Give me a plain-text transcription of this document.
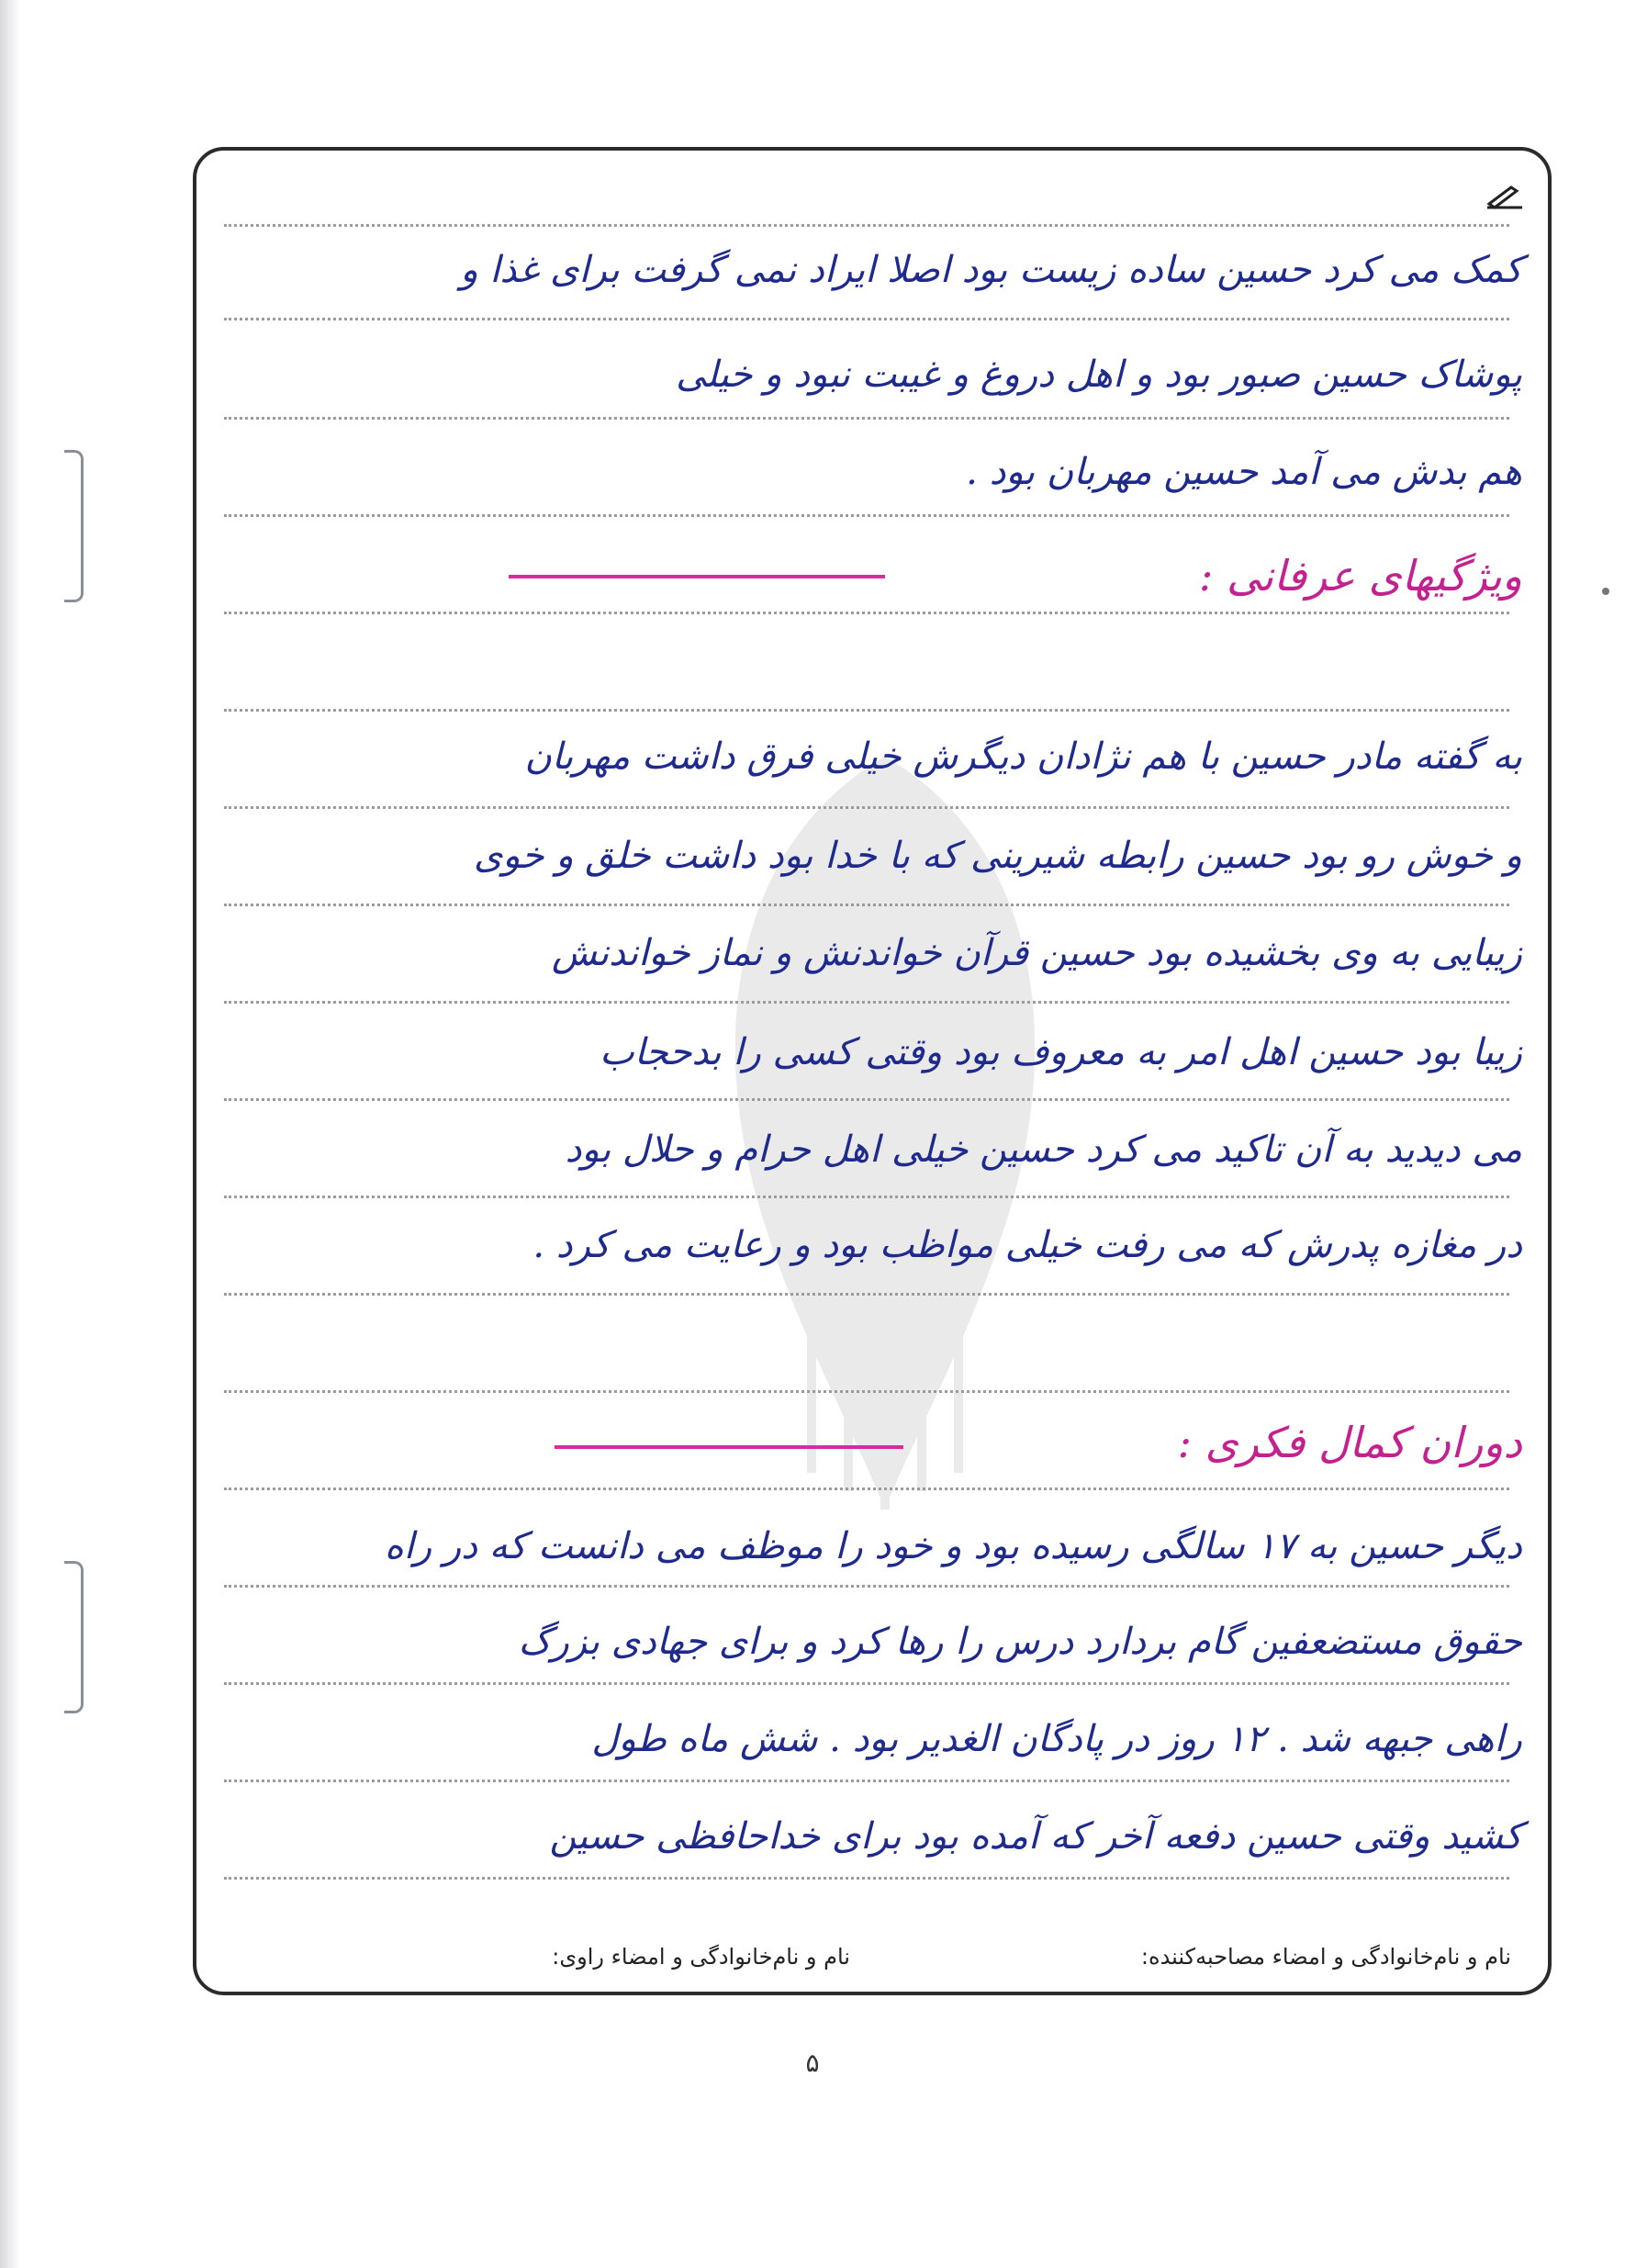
کمک می کرد حسین ساده زیست بود اصلا ایراد نمی گرفت برای غذا و
پوشاک حسین صبور بود و اهل دروغ و غیبت نبود و خیلی
هم بدش می آمد حسین مهربان بود .
ویژگیهای عرفانی :
به گفته مادر حسین با هم نژادان دیگرش خیلی فرق داشت مهربان
و خوش رو بود حسین رابطه شیرینی که با خدا بود داشت خلق و خوی
زیبایی به وی بخشیده بود حسین قرآن خواندنش و نماز خواندنش
زیبا بود حسین اهل امر به معروف بود وقتی کسی را بدحجاب
می دیدید به آن تاکید می کرد حسین خیلی اهل حرام و حلال بود
در مغازه پدرش که می رفت خیلی مواظب بود و رعایت می کرد .
دوران کمال فکری :
دیگر حسین به ۱۷ سالگی رسیده بود و خود را موظف می دانست که در راه
حقوق مستضعفین گام بردارد درس را رها کرد و برای جهادی بزرگ
راهی جبهه شد . ۱۲ روز در پادگان الغدیر بود . شش ماه طول
کشید وقتی حسین دفعه آخر که آمده بود برای خداحافظی حسین
نام و نام‌خانوادگی و امضاء مصاحبه‌کننده:
نام و نام‌خانوادگی و امضاء راوی:
۵
